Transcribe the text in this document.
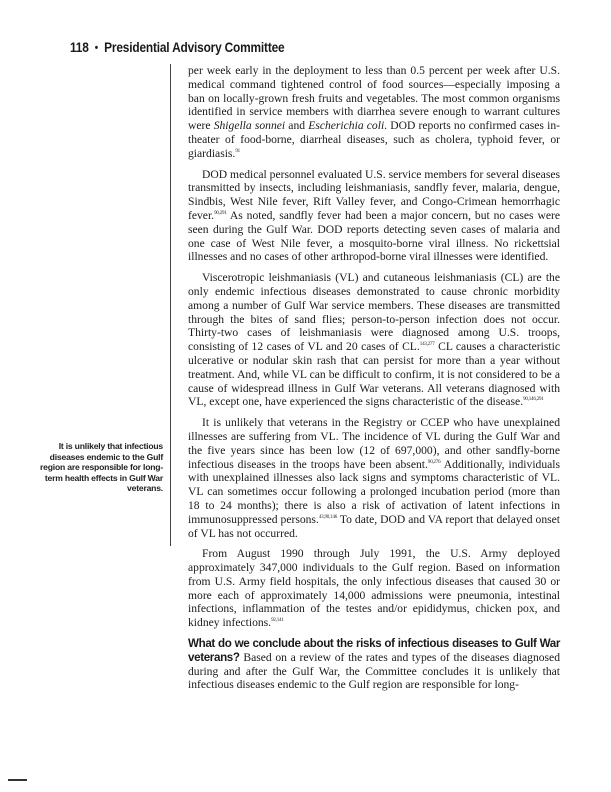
118 • Presidential Advisory Committee
It is unlikely that infectious diseases endemic to the Gulf region are responsible for long-term health effects in Gulf War veterans.

per week early in the deployment to less than 0.5 percent per week after U.S. medical command tightened control of food sources—especially imposing a ban on locally-grown fresh fruits and vegetables. The most common organisms identified in service members with diarrhea severe enough to warrant cultures were Shigella sonnei and Escherichia coli. DOD reports no confirmed cases in-theater of food-borne, diarrheal diseases, such as cholera, typhoid fever, or giardiasis.$^{91}$

DOD medical personnel evaluated U.S. service members for several diseases transmitted by insects, including leishmaniasis, sandfly fever, malaria, dengue, Sindbis, West Nile fever, Rift Valley fever, and Congo-Crimean hemorrhagic fever.$^{90,291}$ As noted, sandfly fever had been a major concern, but no cases were seen during the Gulf War. DOD reports detecting seven cases of malaria and one case of West Nile fever, a mosquito-borne viral illness. No rickettsial illnesses and no cases of other arthropod-borne viral illnesses were identified.

Viscerotropic leishmaniasis (VL) and cutaneous leishmaniasis (CL) are the only endemic infectious diseases demonstrated to cause chronic morbidity among a number of Gulf War service members. These diseases are transmitted through the bites of sand flies; person-to-person infection does not occur. Thirty-two cases of leishmaniasis were diagnosed among U.S. troops, consisting of 12 cases of VL and 20 cases of CL.$^{143,277}$ CL causes a characteristic ulcerative or nodular skin rash that can persist for more than a year without treatment. And, while VL can be difficult to confirm, it is not considered to be a cause of widespread illness in Gulf War veterans. All veterans diagnosed with VL, except one, have experienced the signs characteristic of the disease.$^{90,146,291}$

It is unlikely that veterans in the Registry or CCEP who have unexplained illnesses are suffering from VL. The incidence of VL during the Gulf War and the five years since has been low (12 of 697,000), and other sandfly-borne infectious diseases in the troops have been absent.$^{90,276}$ Additionally, individuals with unexplained illnesses also lack signs and symptoms characteristic of VL. VL can sometimes occur following a prolonged incubation period (more than 18 to 24 months); there is also a risk of activation of latent infections in immunosuppressed persons.$^{43,90,146}$ To date, DOD and VA report that delayed onset of VL has not occurred.

From August 1990 through July 1991, the U.S. Army deployed approximately 347,000 individuals to the Gulf region. Based on information from U.S. Army field hospitals, the only infectious diseases that caused 30 or more each of approximately 14,000 admissions were pneumonia, intestinal infections, inflammation of the testes and/or epididymus, chicken pox, and kidney infections.$^{92,141}$

What do we conclude about the risks of infectious diseases to Gulf War veterans? Based on a review of the rates and types of the diseases diagnosed during and after the Gulf War, the Committee concludes it is unlikely that infectious diseases endemic to the Gulf region are responsible for long-
